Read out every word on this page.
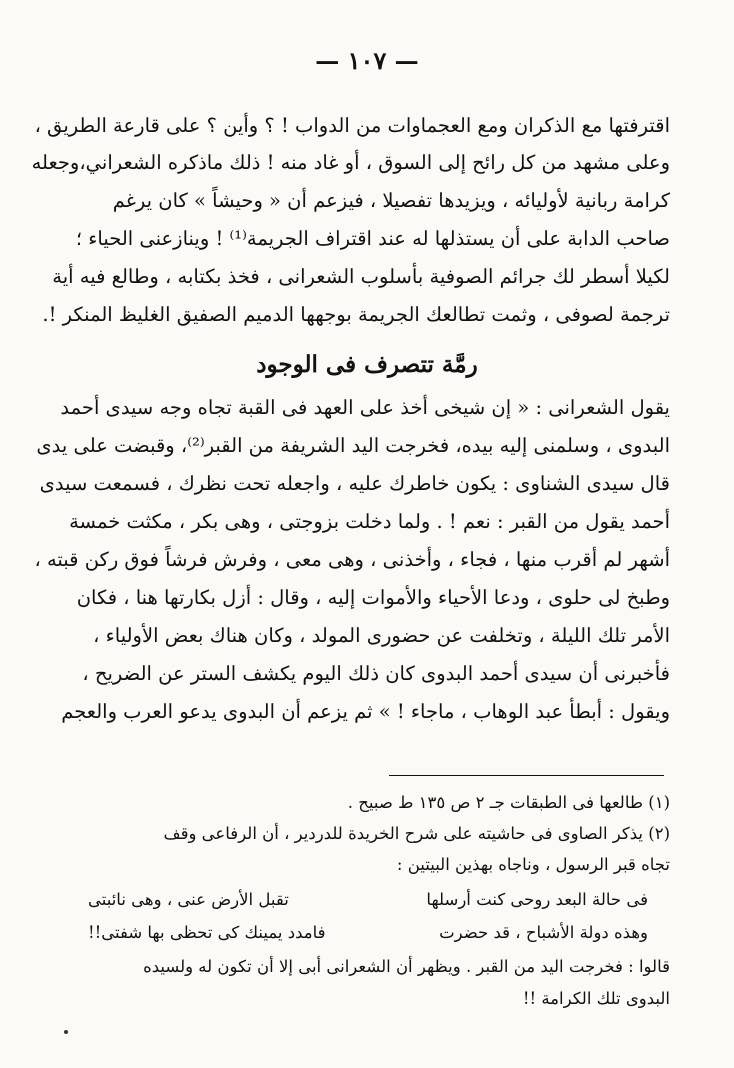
— ١٠٧ —
اقترفتها مع الذكران ومع العجماوات من الدواب ! ؟ وأين ؟ على قارعة الطريق ،
وعلى مشهد من كل رائح إلى السوق ، أو غاد منه ! ذلك ماذكره الشعراني،وجعله
كرامة ربانية لأوليائه ، ويزيدها تفصيلا ، فيزعم أن « وحيشاً » كان يرغم
صاحب الدابة على أن يستذلها له عند اقتراف الجريمة⁽¹⁾ ! وينازعنى الحياء ؛
لكيلا أسطر لك جرائم الصوفية بأسلوب الشعرانى ، فخذ بكتابه ، وطالع فيه أية
ترجمة لصوفى ، وثمت تطالعك الجريمة بوجهها الدميم الصفيق الغليظ المنكر !.
رمَّة تتصرف فى الوجود
يقول الشعرانى : « إن شيخى أخذ على العهد فى القبة تجاه وجه سيدى أحمد
البدوى ، وسلمنى إليه بيده، فخرجت اليد الشريفة من القبر⁽²⁾، وقبضت على يدى
قال سيدى الشناوى : يكون خاطرك عليه ، واجعله تحت نظرك ، فسمعت سيدى
أحمد يقول من القبر : نعم ! . ولما دخلت بزوجتى ، وهى بكر ، مكثت خمسة
أشهر لم أقرب منها ، فجاء ، وأخذنى ، وهى معى ، وفرش فرشاً فوق ركن قبته ،
وطبخ لى حلوى ، ودعا الأحياء والأموات إليه ، وقال : أزل بكارتها هنا ، فكان
الأمر تلك الليلة ، وتخلفت عن حضورى المولد ، وكان هناك بعض الأولياء ،
فأخبرنى أن سيدى أحمد البدوى كان ذلك اليوم يكشف الستر عن الضريح ،
ويقول : أبطأ عبد الوهاب ، ماجاء ! » ثم يزعم أن البدوى يدعو العرب والعجم
(١) طالعها فى الطبقات جـ ٢ ص ١٣٥ ط صبيح .
(٢) يذكر الصاوى فى حاشيته على شرح الخريدة للدردير ، أن الرفاعى وقف
تجاه قبر الرسول ، وناجاه بهذين البيتين :
فى حالة البعد روحى كنت أرسلها
تقبل الأرض عنى ، وهى نائبتى
وهذه دولة الأشباح ، قد حضرت
فامدد يمينك كى تحظى بها شفتى!!
قالوا : فخرجت اليد من القبر . ويظهر أن الشعرانى أبى إلا أن تكون له ولسيده
البدوى تلك الكرامة !!
